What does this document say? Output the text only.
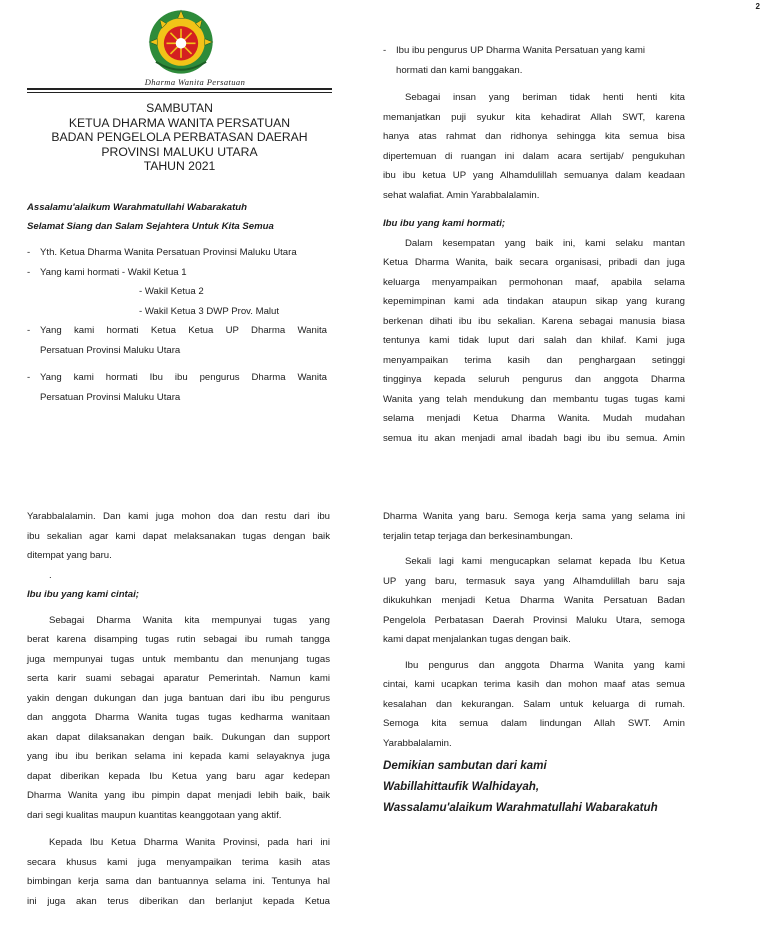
2
Dharma Wanita Persatuan
SAMBUTAN
KETUA DHARMA WANITA PERSATUAN
BADAN PENGELOLA PERBATASAN DAERAH
PROVINSI MALUKU UTARA
TAHUN 2021

Assalamu'alaikum Warahmatullahi Wabarakatuh

Selamat Siang dan Salam Sejahtera Untuk Kita Semua

- Yth. Ketua Dharma Wanita Persatuan Provinsi Maluku Utara
- Yang kami hormati - Wakil Ketua 1
- Wakil Ketua 2
- Wakil Ketua 3 DWP Prov. Malut
- Yang kami hormati Ketua Ketua UP Dharma Wanita
Persatuan Provinsi Maluku Utara
- Yang kami hormati Ibu ibu pengurus Dharma Wanita
Persatuan Provinsi Maluku Utara
- Ibu ibu pengurus UP Dharma Wanita Persatuan yang kami
hormati dan kami banggakan.

Sebagai insan yang beriman tidak henti henti kita

memanjatkan puji syukur kita kehadirat Allah SWT, karena

hanya atas rahmat dan ridhonya sehingga kita semua bisa

dipertemuan di ruangan ini dalam acara sertijab/ pengukuhan

ibu ibu ketua UP yang Alhamdulillah semuanya dalam keadaan

sehat walafiat. Amin Yarabbalalamin.

Ibu ibu yang kami hormati;

Dalam kesempatan yang baik ini, kami selaku mantan

Ketua Dharma Wanita, baik secara organisasi, pribadi dan juga

keluarga menyampaikan permohonan maaf, apabila selama

kepemimpinan kami ada tindakan ataupun sikap yang kurang

berkenan dihati ibu ibu sekalian. Karena sebagai manusia biasa

tentunya kami tidak luput dari salah dan khilaf. Kami juga

menyampaikan terima kasih dan penghargaan setinggi

tingginya kepada seluruh pengurus dan anggota Dharma

Wanita yang telah mendukung dan membantu tugas tugas kami

selama menjadi Ketua Dharma Wanita. Mudah mudahan

semua itu akan menjadi amal ibadah bagi ibu ibu semua. Amin

Yarabbalalamin. Dan kami juga mohon doa dan restu dari ibu

ibu sekalian agar kami dapat melaksanakan tugas dengan baik

ditempat yang baru.

.

Ibu ibu yang kami cintai;

Sebagai Dharma Wanita kita mempunyai tugas yang

berat karena disamping tugas rutin sebagai ibu rumah tangga

juga mempunyai tugas untuk membantu dan menunjang tugas

serta karir suami sebagai aparatur Pemerintah. Namun kami

yakin dengan dukungan dan juga bantuan dari ibu ibu pengurus

dan anggota Dharma Wanita tugas tugas kedharma wanitaan

akan dapat dilaksanakan dengan baik. Dukungan dan support

yang ibu ibu berikan selama ini kepada kami selayaknya juga

dapat diberikan kepada Ibu Ketua yang baru agar kedepan

Dharma Wanita yang ibu pimpin dapat menjadi lebih baik, baik

dari segi kualitas maupun kuantitas keanggotaan yang aktif.

Kepada Ibu Ketua Dharma Wanita Provinsi, pada hari ini

secara khusus kami juga menyampaikan terima kasih atas

bimbingan kerja sama dan bantuannya selama ini. Tentunya hal

ini juga akan terus diberikan dan berlanjut kepada Ketua

Dharma Wanita yang baru. Semoga kerja sama yang selama ini

terjalin tetap terjaga dan berkesinambungan.

Sekali lagi kami mengucapkan selamat kepada Ibu Ketua

UP yang baru, termasuk saya yang Alhamdulillah baru saja

dikukuhkan menjadi Ketua Dharma Wanita Persatuan Badan

Pengelola Perbatasan Daerah Provinsi Maluku Utara, semoga

kami dapat menjalankan tugas dengan baik.

Ibu pengurus dan anggota Dharma Wanita yang kami

cintai, kami ucapkan terima kasih dan mohon maaf atas semua

kesalahan dan kekurangan. Salam untuk keluarga di rumah.

Semoga kita semua dalam lindungan Allah SWT. Amin

Yarabbalalamin.

Demikian sambutan dari kami

Wabillahittaufik Walhidayah,

Wassalamu'alaikum Warahmatullahi Wabarakatuh
